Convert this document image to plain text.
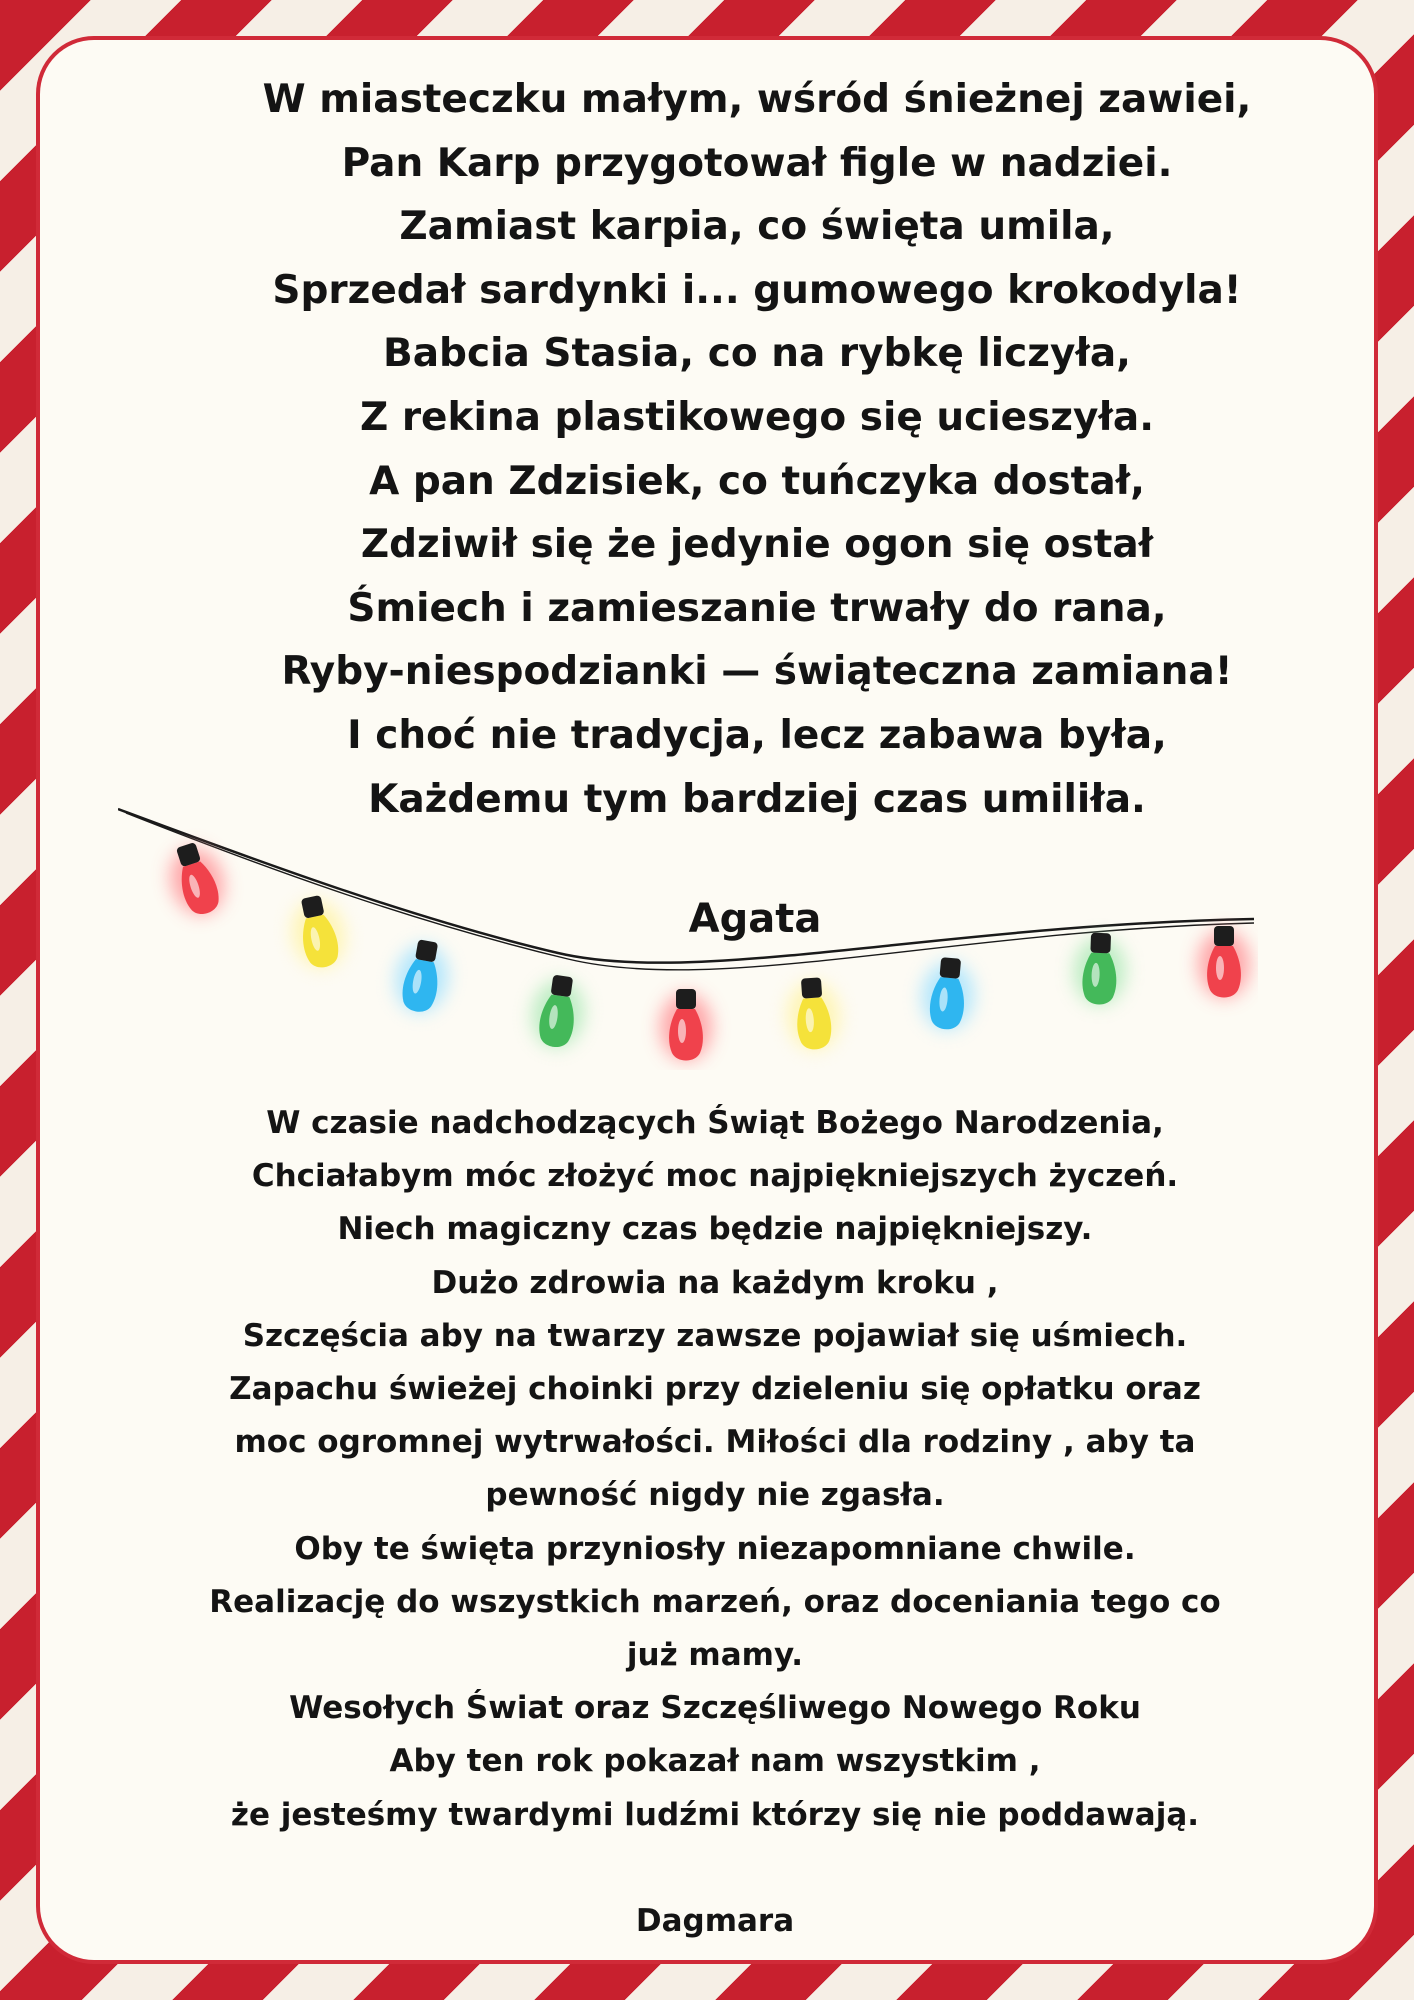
W miasteczku małym, wśród śnieżnej zawiei,
Pan Karp przygotował figle w nadziei.
Zamiast karpia, co święta umila,
Sprzedał sardynki i... gumowego krokodyla!
Babcia Stasia, co na rybkę liczyła,
Z rekina plastikowego się ucieszyła.
A pan Zdzisiek, co tuńczyka dostał,
Zdziwił się że jedynie ogon się ostał
Śmiech i zamieszanie trwały do rana,
Ryby-niespodzianki — świąteczna zamiana!
I choć nie tradycja, lecz zabawa była,
Każdemu tym bardziej czas umiliła.
Agata
W czasie nadchodzących Świąt Bożego Narodzenia,
Chciałabym móc złożyć moc najpiękniejszych życzeń.
Niech magiczny czas będzie najpiękniejszy.
Dużo zdrowia na każdym kroku ,
Szczęścia aby na twarzy zawsze pojawiał się uśmiech.
Zapachu świeżej choinki przy dzieleniu się opłatku oraz
moc ogromnej wytrwałości. Miłości dla rodziny , aby ta
pewność nigdy nie zgasła.
Oby te święta przyniosły niezapomniane chwile.
Realizację do wszystkich marzeń, oraz doceniania tego co
już mamy.
Wesołych Świat oraz Szczęśliwego Nowego Roku
Aby ten rok pokazał nam wszystkim ,
że jesteśmy twardymi ludźmi którzy się nie poddawają.
Dagmara
